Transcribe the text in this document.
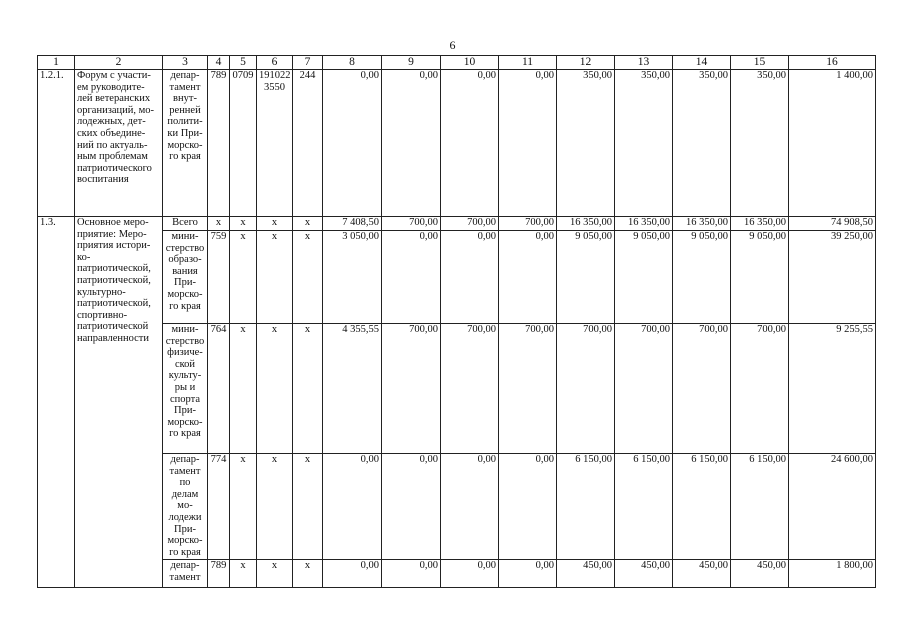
6
1	2	3	4	5	6	7	8	9	10	11	12	13	14	15	16
1.2.1.	Форум с участи-ем руководите-лей ветеранских организаций, мо-лодежных, дет-ских объедине-ний по актуаль-ным проблемам патриотического воспитания	депар-тамент внут-ренней полити-ки При-морско-го края	789	0709	191022 3550	244	0,00	0,00	0,00	0,00	350,00	350,00	350,00	350,00	1 400,00
1.3.	Основное меро-приятие: Меро-приятия истори-ко-патриотической, патриотической, культурно-патриотической, спортивно-патриотической направленности	Всего	x	x	x	x	7 408,50	700,00	700,00	700,00	16 350,00	16 350,00	16 350,00	16 350,00	74 908,50
		мини-стерство образо-вания При-морско-го края	759	x	x	x	3 050,00	0,00	0,00	0,00	9 050,00	9 050,00	9 050,00	9 050,00	39 250,00
		мини-стерство физиче-ской культу-ры и спорта При-морско-го края	764	x	x	x	4 355,55	700,00	700,00	700,00	700,00	700,00	700,00	700,00	9 255,55
		депар-тамент по делам мо-лодежи При-морско-го края	774	x	x	x	0,00	0,00	0,00	0,00	6 150,00	6 150,00	6 150,00	6 150,00	24 600,00
		депар-тамент	789	x	x	x	0,00	0,00	0,00	0,00	450,00	450,00	450,00	450,00	1 800,00
